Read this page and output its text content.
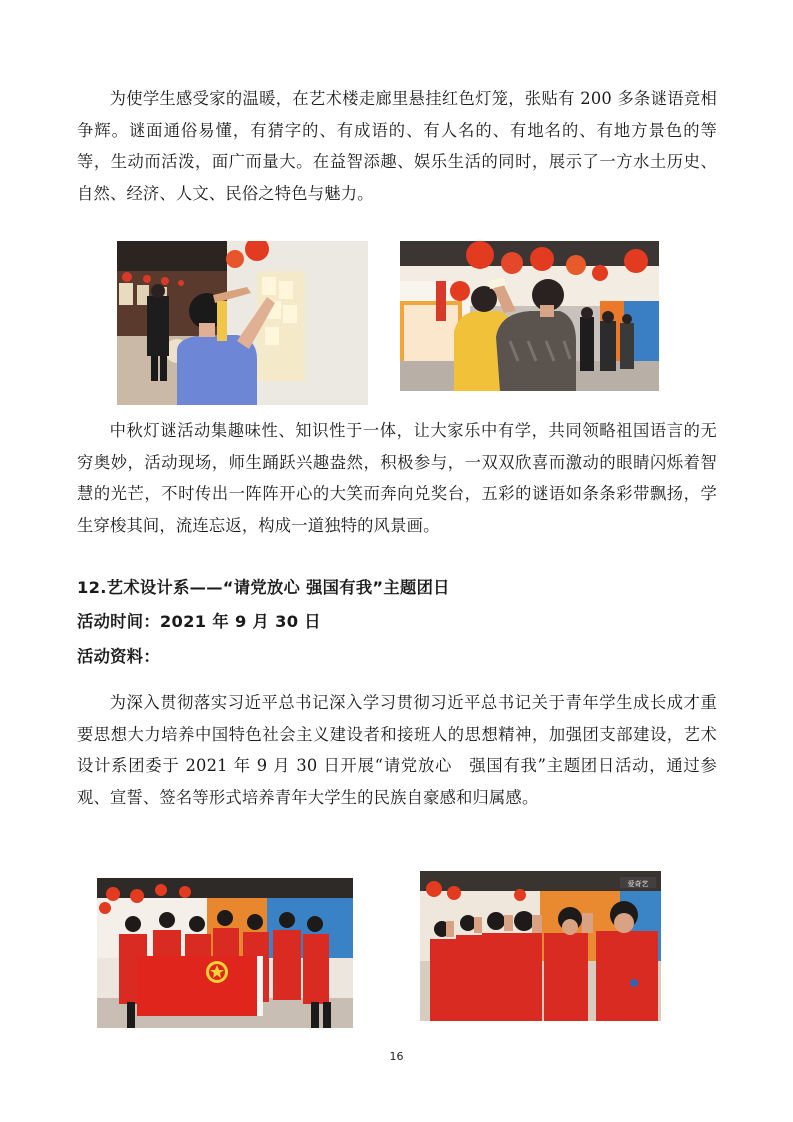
为使学生感受家的温暖，在艺术楼走廊里悬挂红色灯笼，张贴有 200 多条谜语竞相争辉。谜面通俗易懂，有猜字的、有成语的、有人名的、有地名的、有地方景色的等等，生动而活泼，面广而量大。在益智添趣、娱乐生活的同时，展示了一方水土历史、自然、经济、人文、民俗之特色与魅力。

中秋灯谜活动集趣味性、知识性于一体，让大家乐中有学，共同领略祖国语言的无穷奥妙，活动现场，师生踊跃兴趣盎然，积极参与，一双双欣喜而激动的眼睛闪烁着智慧的光芒，不时传出一阵阵开心的大笑而奔向兑奖台，五彩的谜语如条条彩带飘扬，学生穿梭其间，流连忘返，构成一道独特的风景画。

12.艺术设计系——“请党放心 强国有我”主题团日

活动时间：2021 年 9 月 30 日

活动资料：

为深入贯彻落实习近平总书记深入学习贯彻习近平总书记关于青年学生成长成才重要思想大力培养中国特色社会主义建设者和接班人的思想精神，加强团支部建设，艺术设计系团委于 2021 年 9 月 30 日开展“请党放心　强国有我”主题团日活动，通过参观、宣誓、签名等形式培养青年大学生的民族自豪感和归属感。

爱奇艺
16
